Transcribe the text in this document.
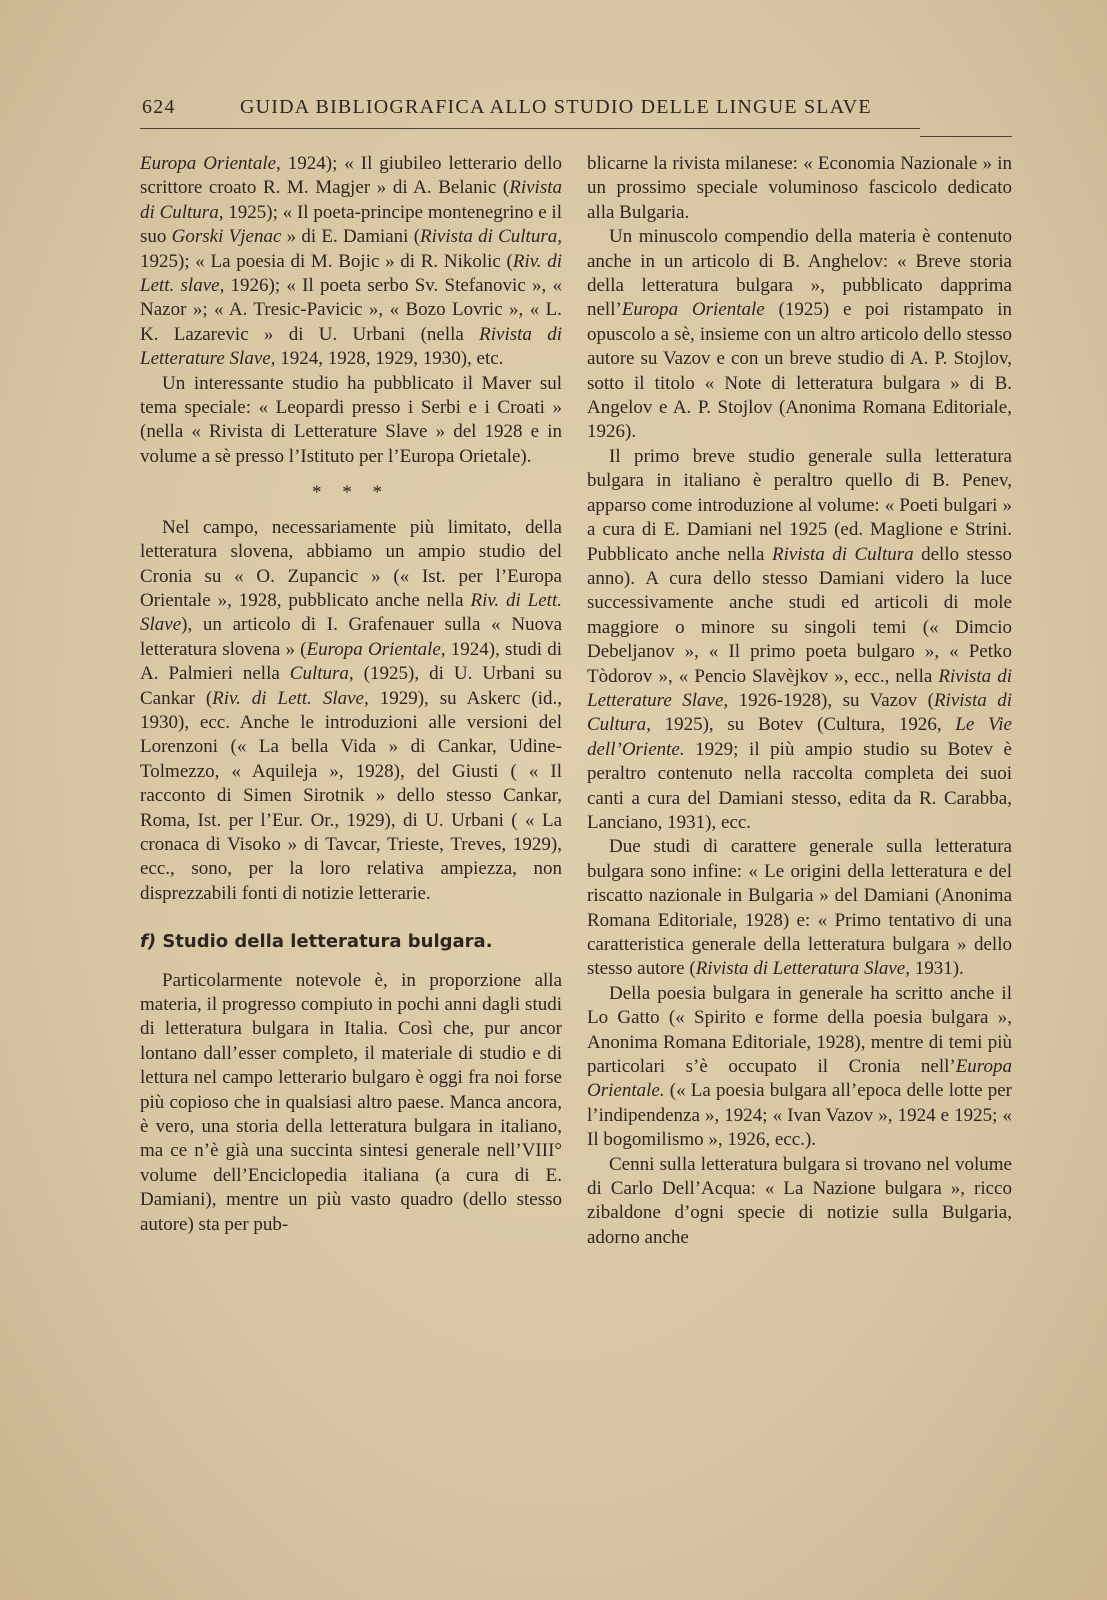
624	GUIDA BIBLIOGRAFICA ALLO STUDIO DELLE LINGUE SLAVE

Europa Orientale, 1924); « Il giubileo letterario dello scrittore croato R. M. Magjer » di A. Belanic (Rivista di Cultura, 1925); « Il poeta-principe montenegrino e il suo Gorski Vjenac » di E. Damiani (Rivista di Cultura, 1925); « La poesia di M. Bojic » di R. Nikolic (Riv. di Lett. slave, 1926); « Il poeta serbo Sv. Stefanovic », « Nazor »; « A. Tresic-Pavicic », « Bozo Lovric », « L. K. Lazarevic » di U. Urbani (nella Rivista di Letterature Slave, 1924, 1928, 1929, 1930), etc.

Un interessante studio ha pubblicato il Maver sul tema speciale: « Leopardi presso i Serbi e i Croati » (nella « Rivista di Letterature Slave » del 1928 e in volume a sè presso l’Istituto per l’Europa Orietale).

* * *

Nel campo, necessariamente più limitato, della letteratura slovena, abbiamo un ampio studio del Cronia su « O. Zupancic » (« Ist. per l’Europa Orientale », 1928, pubblicato anche nella Riv. di Lett. Slave), un articolo di I. Grafenauer sulla « Nuova letteratura slovena » (Europa Orientale, 1924), studi di A. Palmieri nella Cultura, (1925), di U. Urbani su Cankar (Riv. di Lett. Slave, 1929), su Askerc (id., 1930), ecc. Anche le introduzioni alle versioni del Lorenzoni (« La bella Vida » di Cankar, Udine-Tolmezzo, « Aquileja », 1928), del Giusti ( « Il racconto di Simen Sirotnik » dello stesso Cankar, Roma, Ist. per l’Eur. Or., 1929), di U. Urbani ( « La cronaca di Visoko » di Tavcar, Trieste, Treves, 1929), ecc., sono, per la loro relativa ampiezza, non disprezzabili fonti di notizie letterarie.

f) Studio della letteratura bulgara.

Particolarmente notevole è, in proporzione alla materia, il progresso compiuto in pochi anni dagli studi di letteratura bulgara in Italia. Così che, pur ancor lontano dall’esser completo, il materiale di studio e di lettura nel campo letterario bulgaro è oggi fra noi forse più copioso che in qualsiasi altro paese. Manca ancora, è vero, una storia della letteratura bulgara in italiano, ma ce n’è già una succinta sintesi generale nell’VIII° volume dell’Enciclopedia italiana (a cura di E. Damiani), mentre un più vasto quadro (dello stesso autore) sta per pub-

blicarne la rivista milanese: « Economia Nazionale » in un prossimo speciale voluminoso fascicolo dedicato alla Bulgaria.

Un minuscolo compendio della materia è contenuto anche in un articolo di B. Anghelov: « Breve storia della letteratura bulgara », pubblicato dapprima nell’Europa Orientale (1925) e poi ristampato in opuscolo a sè, insieme con un altro articolo dello stesso autore su Vazov e con un breve studio di A. P. Stojlov, sotto il titolo « Note di letteratura bulgara » di B. Angelov e A. P. Stojlov (Anonima Romana Editoriale, 1926).

Il primo breve studio generale sulla letteratura bulgara in italiano è peraltro quello di B. Penev, apparso come introduzione al volume: « Poeti bulgari » a cura di E. Damiani nel 1925 (ed. Maglione e Strini. Pubblicato anche nella Rivista di Cultura dello stesso anno). A cura dello stesso Damiani videro la luce successivamente anche studi ed articoli di mole maggiore o minore su singoli temi (« Dimcio Debeljanov », « Il primo poeta bulgaro », « Petko Tòdorov », « Pencio Slavèjkov », ecc., nella Rivista di Letterature Slave, 1926-1928), su Vazov (Rivista di Cultura, 1925), su Botev (Cultura, 1926, Le Vie dell’Oriente. 1929; il più ampio studio su Botev è peraltro contenuto nella raccolta completa dei suoi canti a cura del Damiani stesso, edita da R. Carabba, Lanciano, 1931), ecc.

Due studi di carattere generale sulla letteratura bulgara sono infine: « Le origini della letteratura e del riscatto nazionale in Bulgaria » del Damiani (Anonima Romana Editoriale, 1928) e: « Primo tentativo di una caratteristica generale della letteratura bulgara » dello stesso autore (Rivista di Letteratura Slave, 1931).

Della poesia bulgara in generale ha scritto anche il Lo Gatto (« Spirito e forme della poesia bulgara », Anonima Romana Editoriale, 1928), mentre di temi più particolari s’è occupato il Cronia nell’Europa Orientale. (« La poesia bulgara all’epoca delle lotte per l’indipendenza », 1924; « Ivan Vazov », 1924 e 1925; « Il bogomilismo », 1926, ecc.).

Cenni sulla letteratura bulgara si trovano nel volume di Carlo Dell’Acqua: « La Nazione bulgara », ricco zibaldone d’ogni specie di notizie sulla Bulgaria, adorno anche
